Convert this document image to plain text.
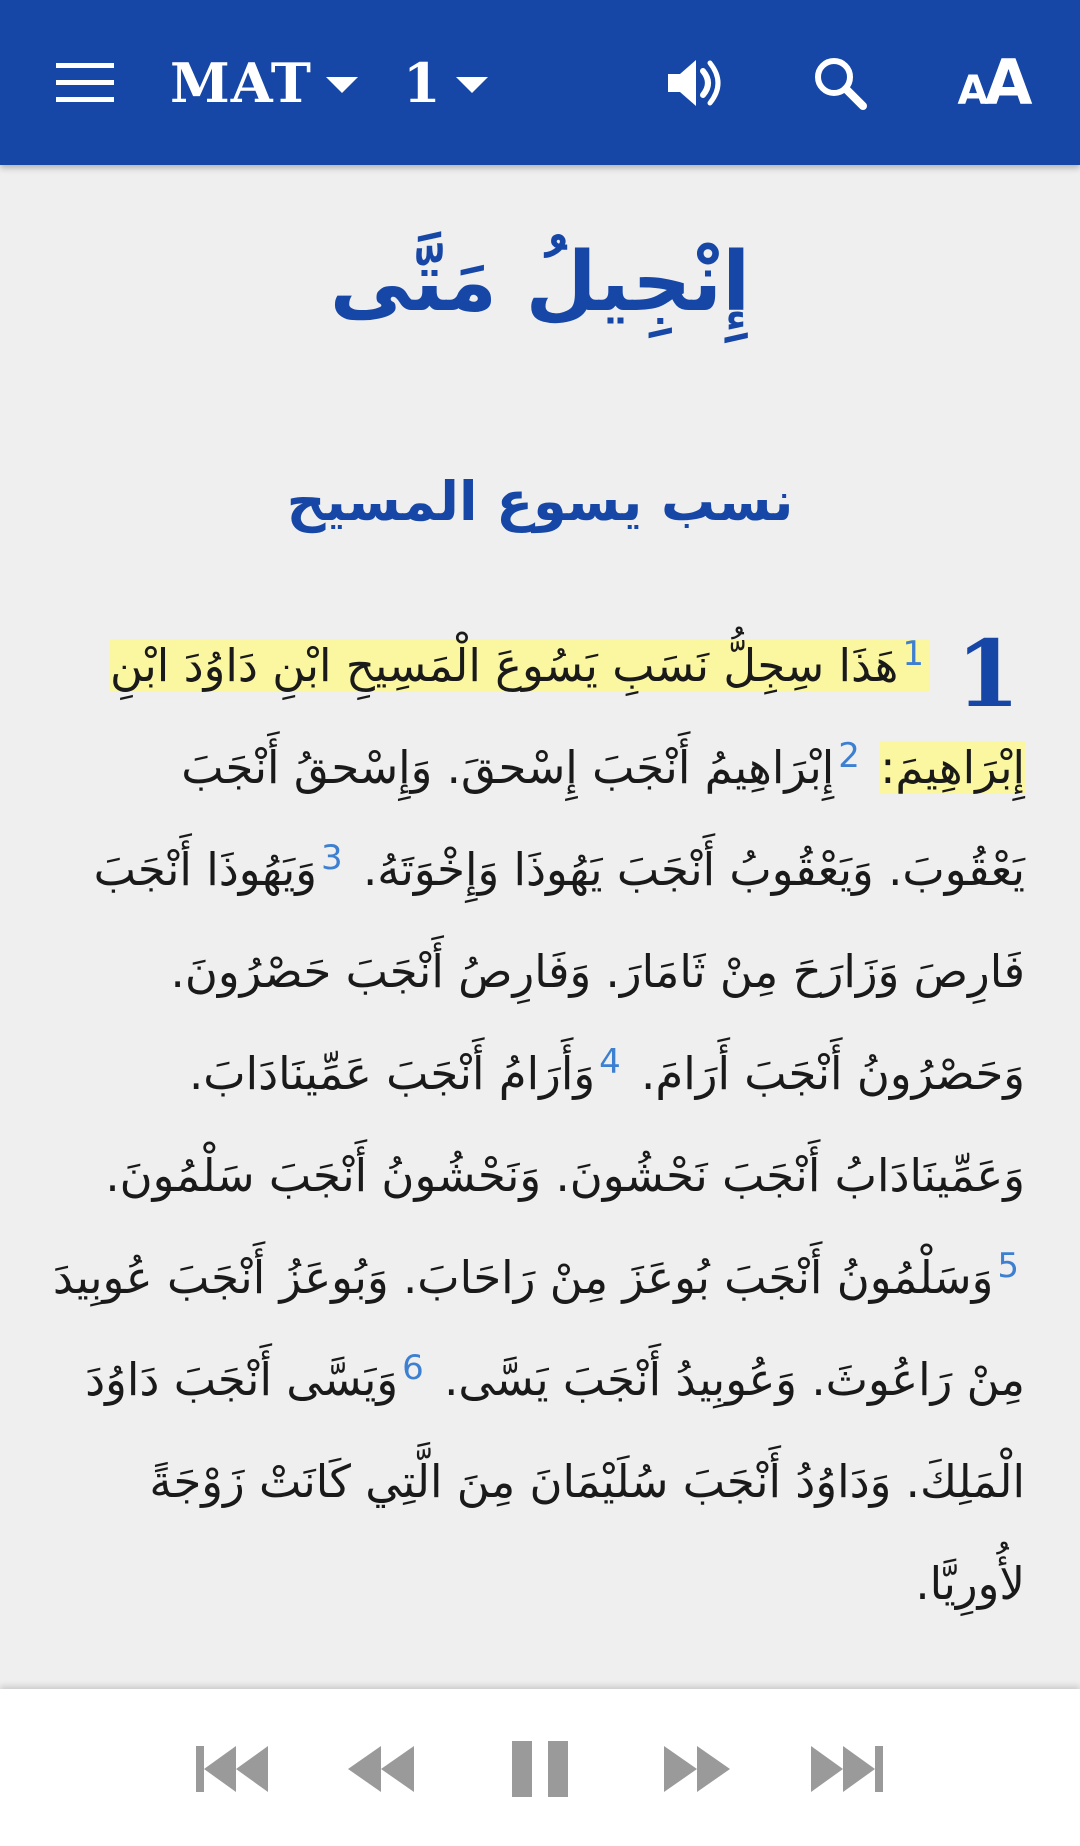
MAT 1	AA
إِنْجِيلُ مَتَّى
نسب يسوع المسيح
1
$^1$هَذَا سِجِلُّ نَسَبِ يَسُوعَ الْمَسِيحِ ابْنِ دَاوُدَ ابْنِ إِبْرَاهِيمَ: $^2$إِبْرَاهِيمُ أَنْجَبَ إِسْحقَ. وَإِسْحقُ أَنْجَبَ يَعْقُوبَ. وَيَعْقُوبُ أَنْجَبَ يَهُوذَا وَإِخْوَتَهُ. $^3$وَيَهُوذَا أَنْجَبَ فَارِصَ وَزَارَحَ مِنْ ثَامَارَ. وَفَارِصُ أَنْجَبَ حَصْرُونَ. وَحَصْرُونُ أَنْجَبَ أَرَامَ. $^4$وَأَرَامُ أَنْجَبَ عَمِّينَادَابَ. وَعَمِّينَادَابُ أَنْجَبَ نَحْشُونَ. وَنَحْشُونُ أَنْجَبَ سَلْمُونَ. $^5$وَسَلْمُونُ أَنْجَبَ بُوعَزَ مِنْ رَاحَابَ. وَبُوعَزُ أَنْجَبَ عُوبِيدَ مِنْ رَاعُوثَ. وَعُوبِيدُ أَنْجَبَ يَسَّى. $^6$وَيَسَّى أَنْجَبَ دَاوُدَ الْمَلِكَ. وَدَاوُدُ أَنْجَبَ سُلَيْمَانَ مِنَ الَّتِي كَانَتْ زَوْجَةً لأُورِيَّا.
